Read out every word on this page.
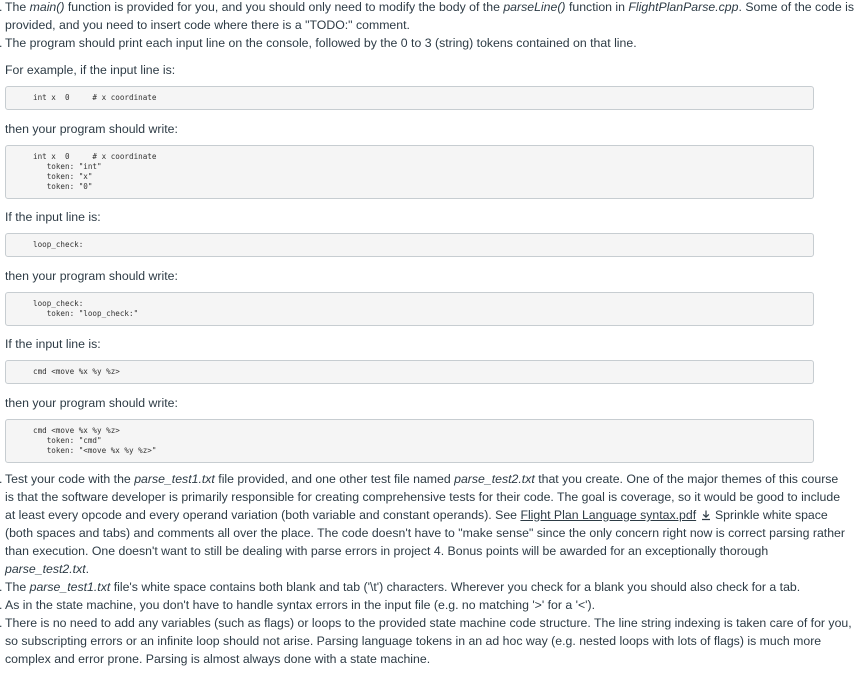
. The main() function is provided for you, and you should only need to modify the body of the parseLine() function in FlightPlanParse.cpp. Some of the code is
provided, and you need to insert code where there is a "TODO:" comment.
. The program should print each input line on the console, followed by the 0 to 3 (string) tokens contained on that line.

For example, if the input line is:

int x  0     # x coordinate

then your program should write:

int x  0     # x coordinate
token: "int"
token: "x"
token: "0"

If the input line is:

loop_check:

then your program should write:

loop_check:
token: "loop_check:"

If the input line is:

cmd <move %x %y %z>

then your program should write:

cmd <move %x %y %z>
token: "cmd"
token: "<move %x %y %z>"
. Test your code with the parse_test1.txt file provided, and one other test file named parse_test2.txt that you create. One of the major themes of this course
is that the software developer is primarily responsible for creating comprehensive tests for their code. The goal is coverage, so it would be good to include
at least every opcode and every operand variation (both variable and constant operands). See Flight Plan Language syntax.pdf  Sprinkle white space
(both spaces and tabs) and comments all over the place. The code doesn't have to "make sense" since the only concern right now is correct parsing rather
than execution. One doesn't want to still be dealing with parse errors in project 4. Bonus points will be awarded for an exceptionally thorough
parse_test2.txt.
. The parse_test1.txt file's white space contains both blank and tab ('\t') characters. Wherever you check for a blank you should also check for a tab.
. As in the state machine, you don't have to handle syntax errors in the input file (e.g. no matching '>' for a '<').
. There is no need to add any variables (such as flags) or loops to the provided state machine code structure. The line string indexing is taken care of for you,
so subscripting errors or an infinite loop should not arise. Parsing language tokens in an ad hoc way (e.g. nested loops with lots of flags) is much more
complex and error prone. Parsing is almost always done with a state machine.
